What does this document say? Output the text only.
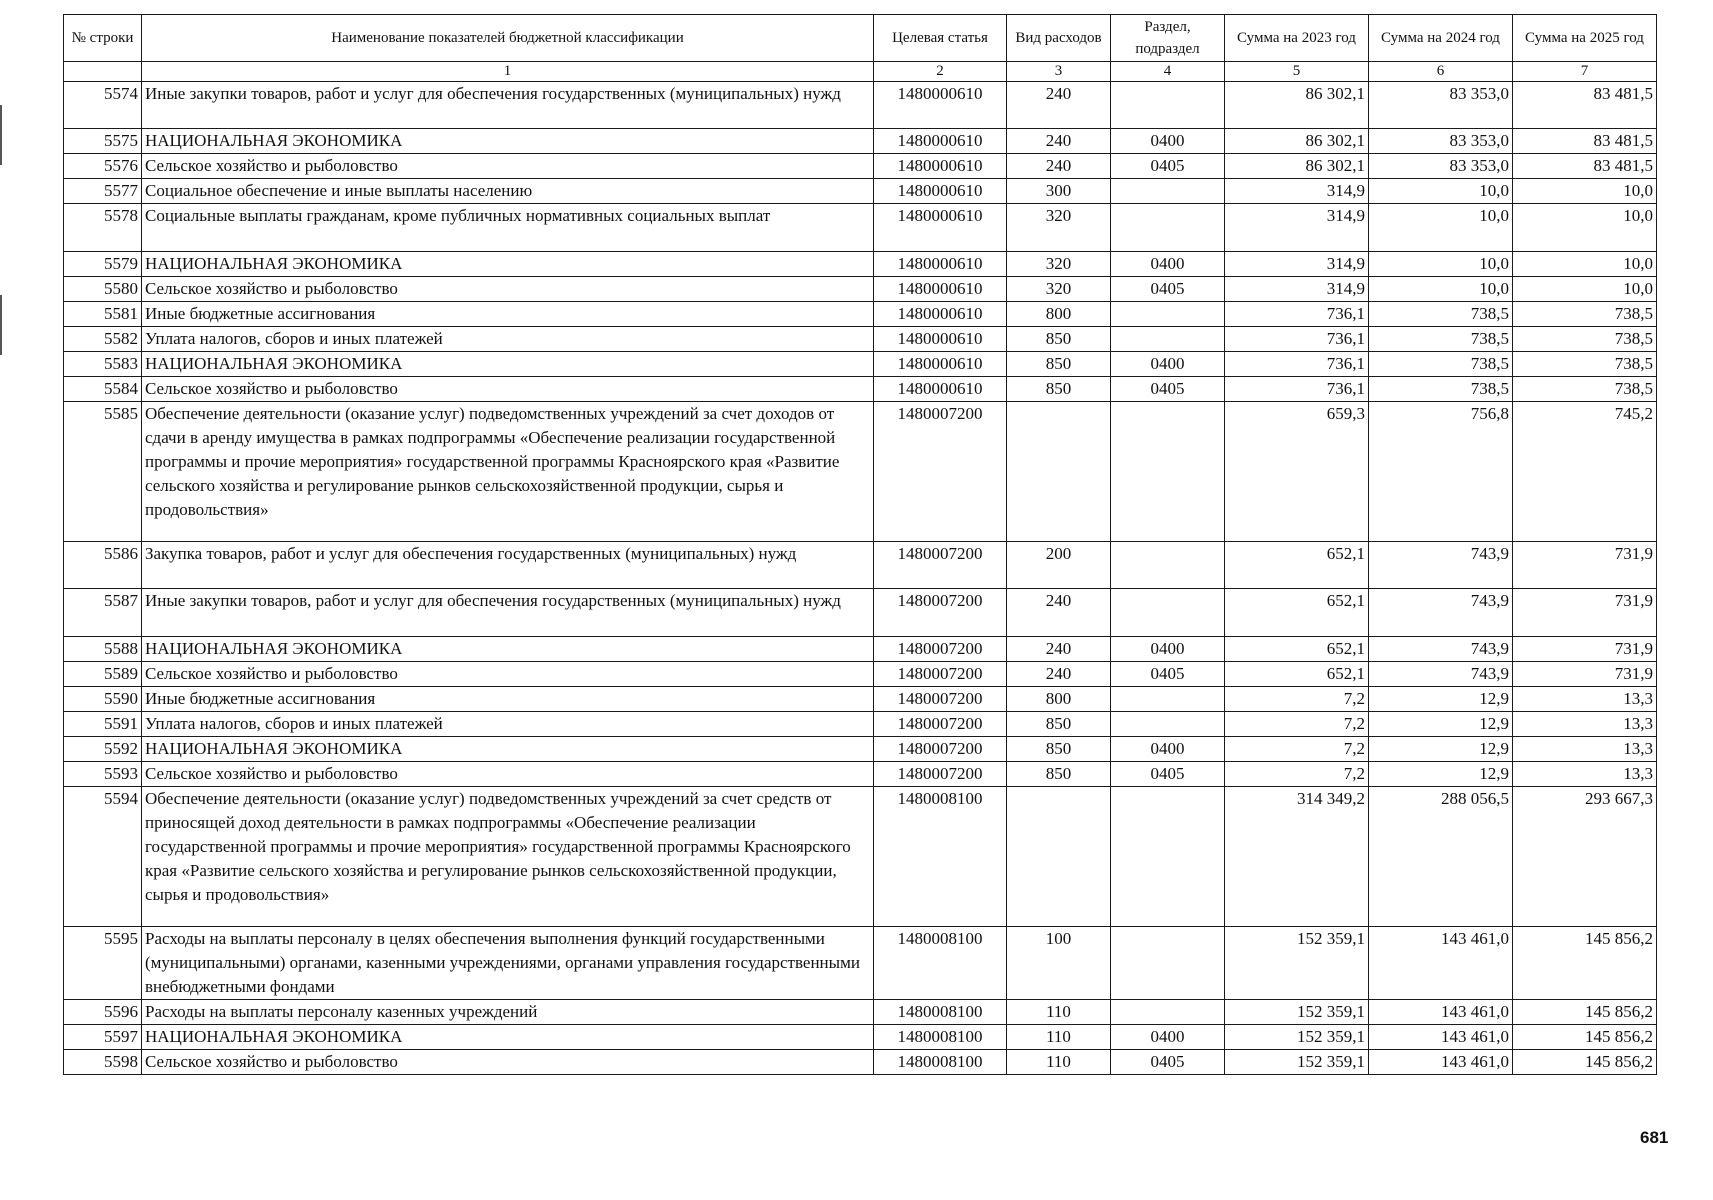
№ строки	Наименование показателей бюджетной классификации	Целевая статья	Вид расходов	Раздел, подраздел	Сумма на 2023 год	Сумма на 2024 год	Сумма на 2025 год
	1	2	3	4	5	6	7
5574	Иные закупки товаров, работ и услуг для обеспечения государственных (муниципальных) нужд	1480000610	240		86 302,1	83 353,0	83 481,5
5575	НАЦИОНАЛЬНАЯ ЭКОНОМИКА	1480000610	240	0400	86 302,1	83 353,0	83 481,5
5576	Сельское хозяйство и рыболовство	1480000610	240	0405	86 302,1	83 353,0	83 481,5
5577	Социальное обеспечение и иные выплаты населению	1480000610	300		314,9	10,0	10,0
5578	Социальные выплаты гражданам, кроме публичных нормативных социальных выплат	1480000610	320		314,9	10,0	10,0
5579	НАЦИОНАЛЬНАЯ ЭКОНОМИКА	1480000610	320	0400	314,9	10,0	10,0
5580	Сельское хозяйство и рыболовство	1480000610	320	0405	314,9	10,0	10,0
5581	Иные бюджетные ассигнования	1480000610	800		736,1	738,5	738,5
5582	Уплата налогов, сборов и иных платежей	1480000610	850		736,1	738,5	738,5
5583	НАЦИОНАЛЬНАЯ ЭКОНОМИКА	1480000610	850	0400	736,1	738,5	738,5
5584	Сельское хозяйство и рыболовство	1480000610	850	0405	736,1	738,5	738,5
5585	Обеспечение деятельности (оказание услуг) подведомственных учреждений за счет доходов от сдачи в аренду имущества в рамках подпрограммы «Обеспечение реализации государственной программы и прочие мероприятия» государственной программы Красноярского края «Развитие сельского хозяйства и регулирование рынков сельскохозяйственной продукции, сырья и продовольствия»	1480007200			659,3	756,8	745,2
5586	Закупка товаров, работ и услуг для обеспечения государственных (муниципальных) нужд	1480007200	200		652,1	743,9	731,9
5587	Иные закупки товаров, работ и услуг для обеспечения государственных (муниципальных) нужд	1480007200	240		652,1	743,9	731,9
5588	НАЦИОНАЛЬНАЯ ЭКОНОМИКА	1480007200	240	0400	652,1	743,9	731,9
5589	Сельское хозяйство и рыболовство	1480007200	240	0405	652,1	743,9	731,9
5590	Иные бюджетные ассигнования	1480007200	800		7,2	12,9	13,3
5591	Уплата налогов, сборов и иных платежей	1480007200	850		7,2	12,9	13,3
5592	НАЦИОНАЛЬНАЯ ЭКОНОМИКА	1480007200	850	0400	7,2	12,9	13,3
5593	Сельское хозяйство и рыболовство	1480007200	850	0405	7,2	12,9	13,3
5594	Обеспечение деятельности (оказание услуг) подведомственных учреждений за счет средств от приносящей доход деятельности в рамках подпрограммы «Обеспечение реализации государственной программы и прочие мероприятия» государственной программы Красноярского края «Развитие сельского хозяйства и регулирование рынков сельскохозяйственной продукции, сырья и продовольствия»	1480008100			314 349,2	288 056,5	293 667,3
5595	Расходы на выплаты персоналу в целях обеспечения выполнения функций государственными (муниципальными) органами, казенными учреждениями, органами управления государственными внебюджетными фондами	1480008100	100		152 359,1	143 461,0	145 856,2
5596	Расходы на выплаты персоналу казенных учреждений	1480008100	110		152 359,1	143 461,0	145 856,2
5597	НАЦИОНАЛЬНАЯ ЭКОНОМИКА	1480008100	110	0400	152 359,1	143 461,0	145 856,2
5598	Сельское хозяйство и рыболовство	1480008100	110	0405	152 359,1	143 461,0	145 856,2
681
